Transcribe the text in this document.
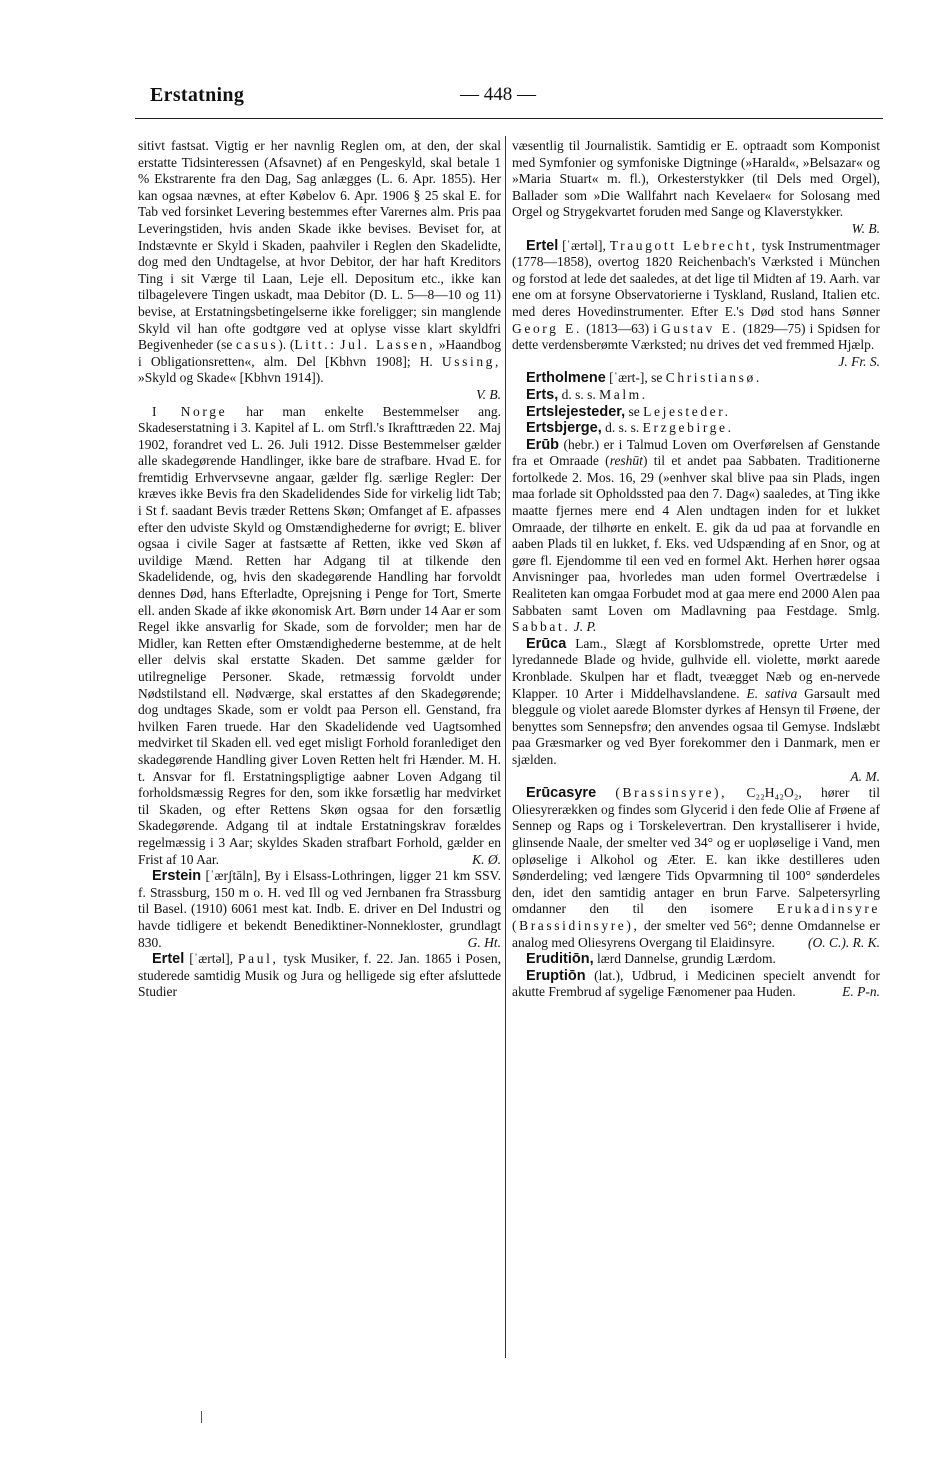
Erstatning	— 448 —

sitivt fastsat. Vigtig er her navnlig Reglen om, at den, der skal erstatte Tidsinteressen (Afsavnet) af en Pengeskyld, skal betale 1 % Ekstrarente fra den Dag, Sag anlægges (L. 6. Apr. 1855). Her kan ogsaa nævnes, at efter Købelov 6. Apr. 1906 § 25 skal E. for Tab ved forsinket Levering bestemmes efter Varernes alm. Pris paa Leveringstiden, hvis anden Skade ikke bevises. Beviset for, at Indstævnte er Skyld i Skaden, paahviler i Reglen den Skadelidte, dog med den Undtagelse, at hvor Debitor, der har haft Kreditors Ting i sit Værge til Laan, Leje ell. Depositum etc., ikke kan tilbagelevere Tingen uskadt, maa Debitor (D. L. 5—8—10 og 11) bevise, at Erstatningsbetingelserne ikke foreligger; sin manglende Skyld vil han ofte godtgøre ved at oplyse visse klart skyldfri Begivenheder (se casus). (Litt.: Jul. Lassen, »Haandbog i Obligationsretten«, alm. Del [Kbhvn 1908]; H. Ussing, »Skyld og Skade« [Kbhvn 1914]).

V. B.

I Norge har man enkelte Bestemmelser ang. Skadeserstatning i 3. Kapitel af L. om Strfl.'s Ikrafttræden 22. Maj 1902, forandret ved L. 26. Juli 1912. Disse Bestemmelser gælder alle skadegørende Handlinger, ikke bare de strafbare. Hvad E. for fremtidig Erhvervsevne angaar, gælder flg. særlige Regler: Der kræves ikke Bevis fra den Skadelidendes Side for virkelig lidt Tab; i St f. saadant Bevis træder Rettens Skøn; Omfanget af E. afpasses efter den udviste Skyld og Omstændighederne for øvrigt; E. bliver ogsaa i civile Sager at fastsætte af Retten, ikke ved Skøn af uvildige Mænd. Retten har Adgang til at tilkende den Skadelidende, og, hvis den skadegørende Handling har forvoldt dennes Død, hans Efterladte, Oprejsning i Penge for Tort, Smerte ell. anden Skade af ikke økonomisk Art. Børn under 14 Aar er som Regel ikke ansvarlig for Skade, som de forvolder; men har de Midler, kan Retten efter Omstændighederne bestemme, at de helt eller delvis skal erstatte Skaden. Det samme gælder for utilregnelige Personer. Skade, retmæssig forvoldt under Nødstilstand ell. Nødværge, skal erstattes af den Skadegørende; dog undtages Skade, som er voldt paa Person ell. Genstand, fra hvilken Faren truede. Har den Skadelidende ved Uagtsomhed medvirket til Skaden ell. ved eget misligt Forhold foranlediget den skadegørende Handling giver Loven Retten helt fri Hænder. M. H. t. Ansvar for fl. Erstatningspligtige aabner Loven Adgang til forholdsmæssig Regres for den, som ikke forsætlig har medvirket til Skaden, og efter Rettens Skøn ogsaa for den forsætlig Skadegørende. Adgang til at indtale Erstatningskrav forældes regelmæssig i 3 Aar; skyldes Skaden strafbart Forhold, gælder en Frist af 10 Aar.	K. Ø.

Erstein [ˈærʃtāln], By i Elsass-Lothringen, ligger 21 km SSV. f. Strassburg, 150 m o. H. ved Ill og ved Jernbanen fra Strassburg til Basel. (1910) 6061 mest kat. Indb. E. driver en Del Industri og havde tidligere et bekendt Benediktiner-Nonnekloster, grundlagt 830.	G. Ht.

Ertel [ˈærtəl], Paul, tysk Musiker, f. 22. Jan. 1865 i Posen, studerede samtidig Musik og Jura og helligede sig efter afsluttede Studier

væsentlig til Journalistik. Samtidig er E. optraadt som Komponist med Symfonier og symfoniske Digtninge (»Harald«, »Belsazar« og »Maria Stuart« m. fl.), Orkesterstykker (til Dels med Orgel), Ballader som »Die Wallfahrt nach Kevelaer« for Solosang med Orgel og Strygekvartet foruden med Sange og Klaverstykker.

W. B.

Ertel [ˈærtəl], Traugott Lebrecht, tysk Instrumentmager (1778—1858), overtog 1820 Reichenbach's Værksted i München og forstod at lede det saaledes, at det lige til Midten af 19. Aarh. var ene om at forsyne Observatorierne i Tyskland, Rusland, Italien etc. med deres Hovedinstrumenter. Efter E.'s Død stod hans Sønner Georg E. (1813—63) i Gustav E. (1829—75) i Spidsen for dette verdensberømte Værksted; nu drives det ved fremmed Hjælp.

J. Fr. S.

Ertholmene [ˈært-], se Christiansø.

Erts, d. s. s. Malm.

Ertslejesteder, se Lejesteder.

Ertsbjerge, d. s. s. Erzgebirge.

Erūb (hebr.) er i Talmud Loven om Overførelsen af Genstande fra et Omraade (reshūt) til et andet paa Sabbaten. Traditionerne fortolkede 2. Mos. 16, 29 (»enhver skal blive paa sin Plads, ingen maa forlade sit Opholdssted paa den 7. Dag«) saaledes, at Ting ikke maatte fjernes mere end 4 Alen undtagen inden for et lukket Omraade, der tilhørte en enkelt. E. gik da ud paa at forvandle en aaben Plads til en lukket, f. Eks. ved Udspænding af en Snor, og at gøre fl. Ejendomme til een ved en formel Akt. Herhen hører ogsaa Anvisninger paa, hvorledes man uden formel Overtrædelse i Realiteten kan omgaa Forbudet mod at gaa mere end 2000 Alen paa Sabbaten samt Loven om Madlavning paa Festdage. Smlg. Sabbat. J. P.

Erūca Lam., Slægt af Korsblomstrede, oprette Urter med lyredannede Blade og hvide, gulhvide ell. violette, mørkt aarede Kronblade. Skulpen har et fladt, tveægget Næb og en-nervede Klapper. 10 Arter i Middelhavslandene. E. sativa Garsault med bleggule og violet aarede Blomster dyrkes af Hensyn til Frøene, der benyttes som Sennepsfrø; den anvendes ogsaa til Gemyse. Indslæbt paa Græsmarker og ved Byer forekommer den i Danmark, men er sjælden.

A. M.

Erūcasyre (Brassinsyre), C₂₂H₄₂O₂, hører til Oliesyrerækken og findes som Glycerid i den fede Olie af Frøene af Sennep og Raps og i Torskelevertran. Den krystalliserer i hvide, glinsende Naale, der smelter ved 34° og er uopløselige i Vand, men opløselige i Alkohol og Æter. E. kan ikke destilleres uden Sønderdeling; ved længere Tids Opvarmning til 100° sønderdeles den, idet den samtidig antager en brun Farve. Salpetersyrling omdanner den til den isomere Erukadinsyre (Brassidinsyre), der smelter ved 56°; denne Omdannelse er analog med Oliesyrens Overgang til Elaidinsyre.	(O. C.). R. K.

Eruditiōn, lærd Dannelse, grundig Lærdom.

Eruptiōn (lat.), Udbrud, i Medicinen specielt anvendt for akutte Frembrud af sygelige Fænomener paa Huden.	E. P-n.
